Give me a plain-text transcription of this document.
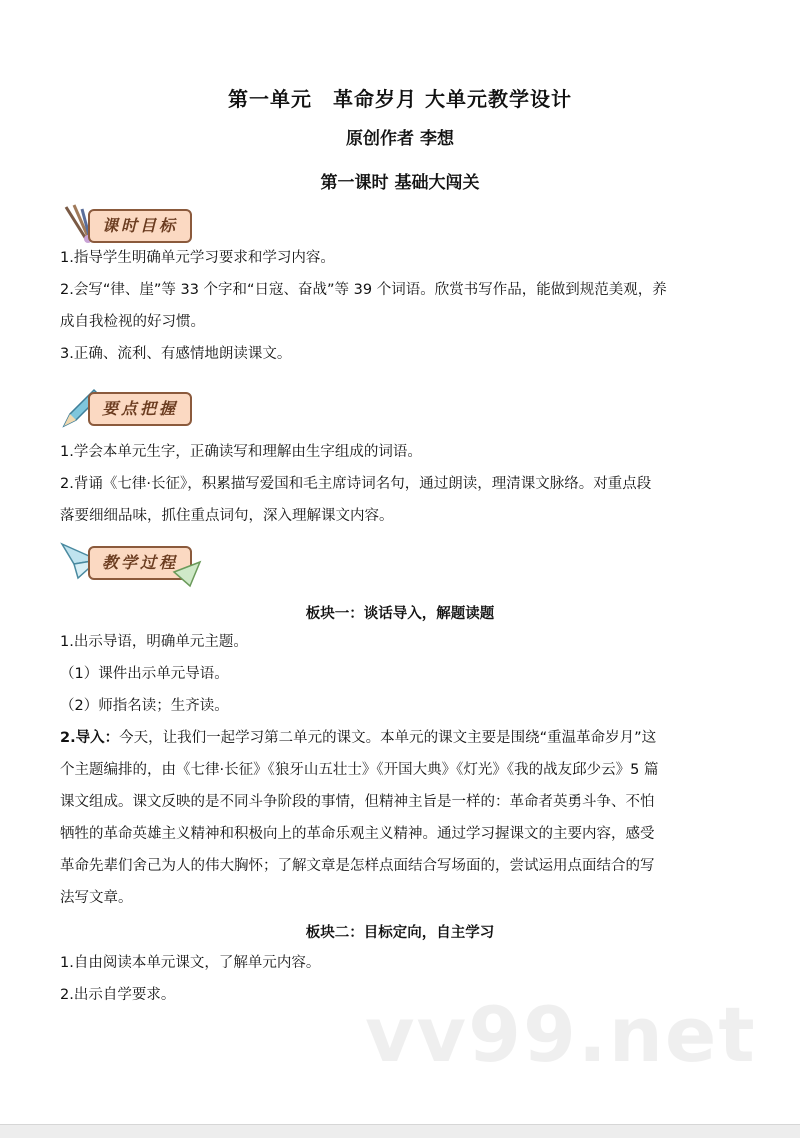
第一单元　革命岁月 大单元教学设计
原创作者 李想
第一课时 基础大闯关
课时目标
1.指导学生明确单元学习要求和学习内容。
2.会写“律、崖”等 33 个字和“日寇、奋战”等 39 个词语。欣赏书写作品，能做到规范美观，养
成自我检视的好习惯。
3.正确、流利、有感情地朗读课文。
要点把握
1.学会本单元生字，正确读写和理解由生字组成的词语。
2.背诵《七律·长征》，积累描写爱国和毛主席诗词名句，通过朗读，理清课文脉络。对重点段
落要细细品味，抓住重点词句，深入理解课文内容。
教学过程
板块一：谈话导入，解题读题
1.出示导语，明确单元主题。
（1）课件出示单元导语。
（2）师指名读；生齐读。
2.导入：今天，让我们一起学习第二单元的课文。本单元的课文主要是围绕“重温革命岁月”这
个主题编排的，由《七律·长征》《狼牙山五壮士》《开国大典》《灯光》《我的战友邱少云》5 篇
课文组成。课文反映的是不同斗争阶段的事情，但精神主旨是一样的：革命者英勇斗争、不怕
牺牲的革命英雄主义精神和积极向上的革命乐观主义精神。通过学习握课文的主要内容，感受
革命先辈们舍己为人的伟大胸怀；了解文章是怎样点面结合写场面的，尝试运用点面结合的写
法写文章。
板块二：目标定向，自主学习
1.自由阅读本单元课文，了解单元内容。
2.出示自学要求。	vv99.net
